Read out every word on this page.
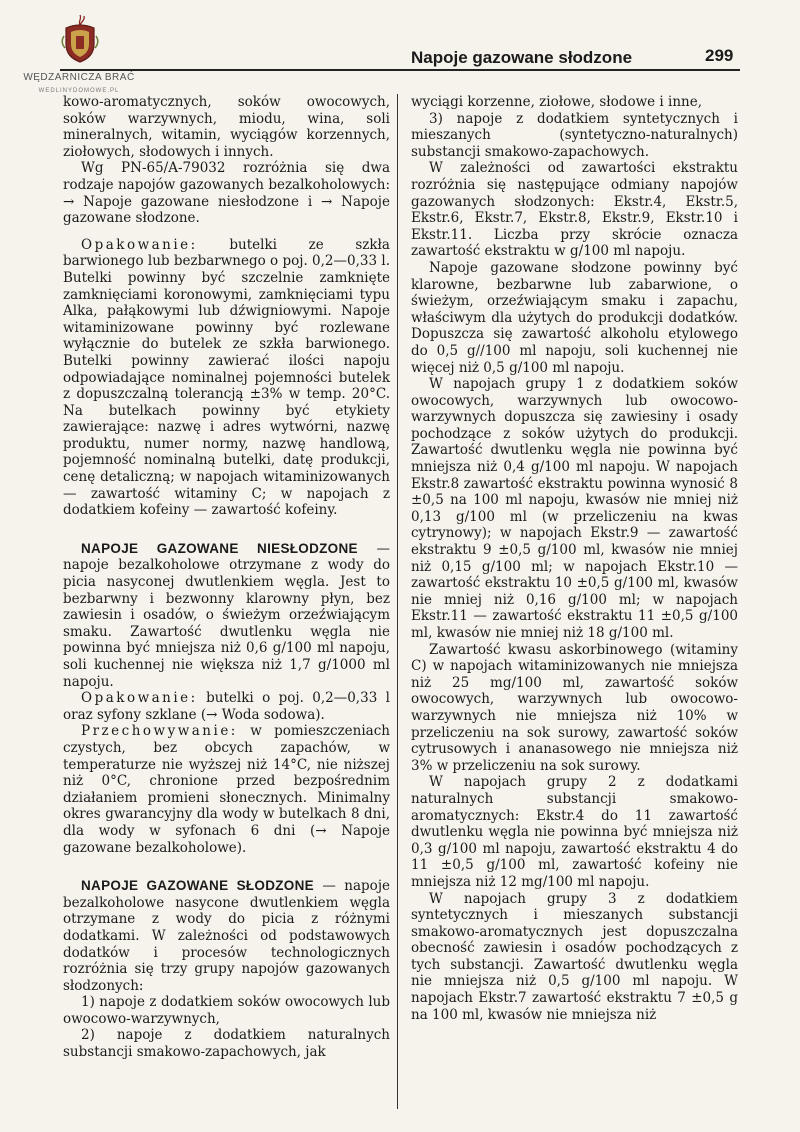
WĘDZARNICZA BRAĆ
WEDLINYDOMOWE.PL
Napoje gazowane słodzone	299

kowo-aromatycznych, soków owocowych, soków warzywnych, miodu, wina, soli mineralnych, witamin, wyciągów korzennych, ziołowych, słodowych i innych.

Wg PN-65/A-79032 rozróżnia się dwa rodzaje napojów gazowanych bezalkoholowych: → Napoje gazowane niesłodzone i → Napoje gazowane słodzone.

Opakowanie: butelki ze szkła barwionego lub bezbarwnego o poj. 0,2—0,33 l. Butelki powinny być szczelnie zamknięte zamknięciami koronowymi, zamknięciami typu Alka, pałąkowymi lub dźwigniowymi. Napoje witaminizowane powinny być rozlewane wyłącznie do butelek ze szkła barwionego. Butelki powinny zawierać ilości napoju odpowiadające nominalnej pojemności butelek z dopuszczalną tolerancją ±3% w temp. 20°C. Na butelkach powinny być etykiety zawierające: nazwę i adres wytwórni, nazwę produktu, numer normy, nazwę handlową, pojemność nominalną butelki, datę produkcji, cenę detaliczną; w napojach witaminizowanych — zawartość witaminy C; w napojach z dodatkiem kofeiny — zawartość kofeiny.

NAPOJE GAZOWANE NIESŁODZONE — napoje bezalkoholowe otrzymane z wody do picia nasyconej dwutlenkiem węgla. Jest to bezbarwny i bezwonny klarowny płyn, bez zawiesin i osadów, o świeżym orzeźwiającym smaku. Zawartość dwutlenku węgla nie powinna być mniejsza niż 0,6 g/100 ml napoju, soli kuchennej nie większa niż 1,7 g/1000 ml napoju.

Opakowanie: butelki o poj. 0,2—0,33 l oraz syfony szklane (→ Woda sodowa).

Przechowywanie: w pomieszczeniach czystych, bez obcych zapachów, w temperaturze nie wyższej niż 14°C, nie niższej niż 0°C, chronione przed bezpośrednim działaniem promieni słonecznych. Minimalny okres gwarancyjny dla wody w butelkach 8 dni, dla wody w syfonach 6 dni (→ Napoje gazowane bezalkoholowe).

NAPOJE GAZOWANE SŁODZONE — napoje bezalkoholowe nasycone dwutlenkiem węgla otrzymane z wody do picia z różnymi dodatkami. W zależności od podstawowych dodatków i procesów technologicznych rozróżnia się trzy grupy napojów gazowanych słodzonych:

1) napoje z dodatkiem soków owocowych lub owocowo-warzywnych,

2) napoje z dodatkiem naturalnych substancji smakowo-zapachowych, jak

wyciągi korzenne, ziołowe, słodowe i inne,

3) napoje z dodatkiem syntetycznych i mieszanych (syntetyczno-naturalnych) substancji smakowo-zapachowych.

W zależności od zawartości ekstraktu rozróżnia się następujące odmiany napojów gazowanych słodzonych: Ekstr.4, Ekstr.5, Ekstr.6, Ekstr.7, Ekstr.8, Ekstr.9, Ekstr.10 i Ekstr.11. Liczba przy skrócie oznacza zawartość ekstraktu w g/100 ml napoju.

Napoje gazowane słodzone powinny być klarowne, bezbarwne lub zabarwione, o świeżym, orzeźwiającym smaku i zapachu, właściwym dla użytych do produkcji dodatków. Dopuszcza się zawartość alkoholu etylowego do 0,5 g//100 ml napoju, soli kuchennej nie więcej niż 0,5 g/100 ml napoju.

W napojach grupy 1 z dodatkiem soków owocowych, warzywnych lub owocowo-warzywnych dopuszcza się zawiesiny i osady pochodzące z soków użytych do produkcji. Zawartość dwutlenku węgla nie powinna być mniejsza niż 0,4 g/100 ml napoju. W napojach Ekstr.8 zawartość ekstraktu powinna wynosić 8 ±0,5 na 100 ml napoju, kwasów nie mniej niż 0,13 g/100 ml (w przeliczeniu na kwas cytrynowy); w napojach Ekstr.9 — zawartość ekstraktu 9 ±0,5 g/100 ml, kwasów nie mniej niż 0,15 g/100 ml; w napojach Ekstr.10 — zawartość ekstraktu 10 ±0,5 g/100 ml, kwasów nie mniej niż 0,16 g/100 ml; w napojach Ekstr.11 — zawartość ekstraktu 11 ±0,5 g/100 ml, kwasów nie mniej niż 18 g/100 ml.

Zawartość kwasu askorbinowego (witaminy C) w napojach witaminizowanych nie mniejsza niż 25 mg/100 ml, zawartość soków owocowych, warzywnych lub owocowo-warzywnych nie mniejsza niż 10% w przeliczeniu na sok surowy, zawartość soków cytrusowych i ananasowego nie mniejsza niż 3% w przeliczeniu na sok surowy.

W napojach grupy 2 z dodatkami naturalnych substancji smakowo-aromatycznych: Ekstr.4 do 11 zawartość dwutlenku węgla nie powinna być mniejsza niż 0,3 g/100 ml napoju, zawartość ekstraktu 4 do 11 ±0,5 g/100 ml, zawartość kofeiny nie mniejsza niż 12 mg/100 ml napoju.

W napojach grupy 3 z dodatkiem syntetycznych i mieszanych substancji smakowo-aromatycznych jest dopuszczalna obecność zawiesin i osadów pochodzących z tych substancji. Zawartość dwutlenku węgla nie mniejsza niż 0,5 g/100 ml napoju. W napojach Ekstr.7 zawartość ekstraktu 7 ±0,5 g na 100 ml, kwasów nie mniejsza niż
